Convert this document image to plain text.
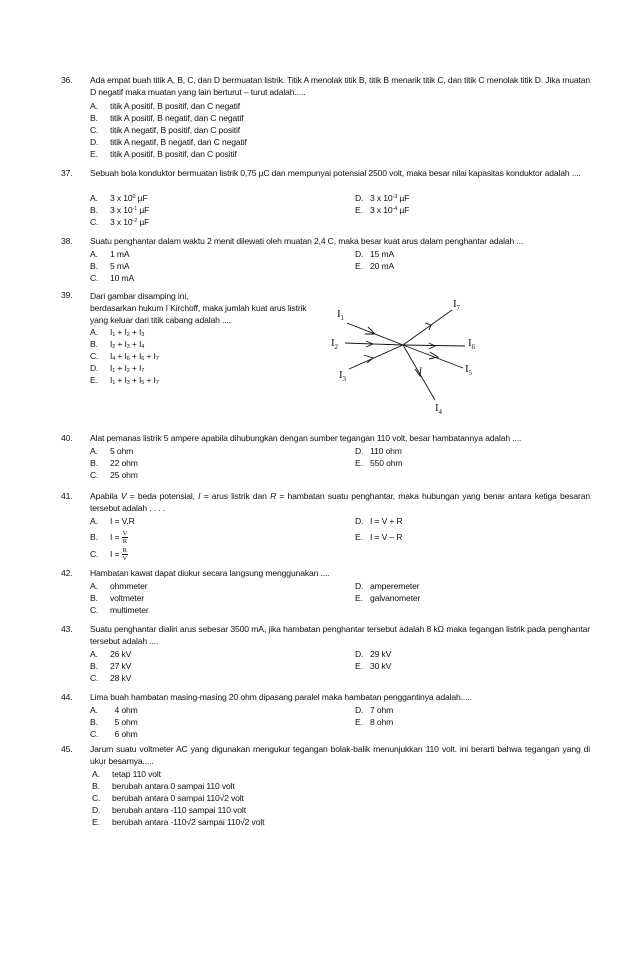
36. Ada empat buah titik A, B, C, dan D bermuatan listrik. Titik A menolak titik B, titik B menarik titik C, dan titik C menolak titik D. Jika muatan D negatif maka muatan yang lain berturut – turut adalah.....
A. titik A positif, B positif, dan C negatif
B. titik A positif, B negatif, dan C negatif
C. titik A negatif, B positif, dan C positif
D. titik A negatif, B negatif, dan C negatif
E. titik A positif, B positif, dan C positif
37. Sebuah bola konduktor bermuatan listrik 0,75 µC dan mempunyai potensial 2500 volt, maka besar nilai kapasitas konduktor adalah ....
A. 3 x $10^0$ µF
B. 3 x $10^{-1}$ µF
C. 3 x $10^{-2}$ µF
D. 3 x $10^{-3}$ µF
E. 3 x $10^{-4}$ µF
38. Suatu penghantar dalam waktu 2 menit dilewati oleh muatan 2,4 C, maka besar kuat arus dalam penghantar adalah ...
A. 1 mA
B. 5 mA
C. 10 mA
D. 15 mA
E. 20 mA
39. Dari gambar disamping ini,
berdasarkan hukum I Kirchoff, maka jumlah kuat arus listrik
yang keluar dari titik cabang adalah ....
A. $I_1 + I_2 + I_3$
B. $I_2 + I_3 + I_4$
C. $I_4 + I_6 + I_6 + I_7$
D. $I_1 + I_2 + I_7$
E. $I_1 + I_3 + I_5 + I_7$
$I_1$
$I_2$
$I_3$
$I_4$
$I_5$
$I_6$
$I_7$
40. Alat pemanas listrik 5 ampere apabila dihubungkan dengan sumber tegangan 110 volt, besar hambatannya adalah ....
A. 5 ohm
B. 22 ohm
C. 25 ohm
D. 110 ohm
E. 550 ohm
41. Apabila V = beda potensial, I = arus listrik dan R = hambatan suatu penghantar, maka hubungan yang benar antara ketiga besaran tersebut adalah . . . .
A. I = V.R
B. $I = \frac{V}{R}$
C. $I = \frac{R}{V}$
D. I = V + R
E. I = V – R
42. Hambatan kawat dapat diukur secara langsung menggunakan ....
A. ohmmeter
B. voltmeter
C. multimeter
D. amperemeter
E. galvanometer
43. Suatu penghantar dialiri arus sebesar 3500 mA, jika hambatan penghantar tersebut adalah 8 kΩ maka tegangan listrik pada penghantar tersebut adalah ....
A. 26 kV
B. 27 kV
C. 28 kV
D. 29 kV
E. 30 kV
44. Lima buah hambatan masing-masing 20 ohm dipasang paralel maka hambatan penggantinya adalah.....
A. 4 ohm
B. 5 ohm
C. 6 ohm
D. 7 ohm
E. 8 ohm
45. Jarum suatu voltmeter AC yang digunakan mengukur tegangan bolak-balik menunjukkan 110 volt. ini berarti bahwa tegangan yang di ukur besarnya.....
A. tetap 110 volt
B. berubah antara 0 sampai 110 volt
C. berubah antara 0 sampai 110√2 volt
D. berubah antara -110 sampai 110 volt
E. berubah antara -110√2 sampai 110√2 volt
